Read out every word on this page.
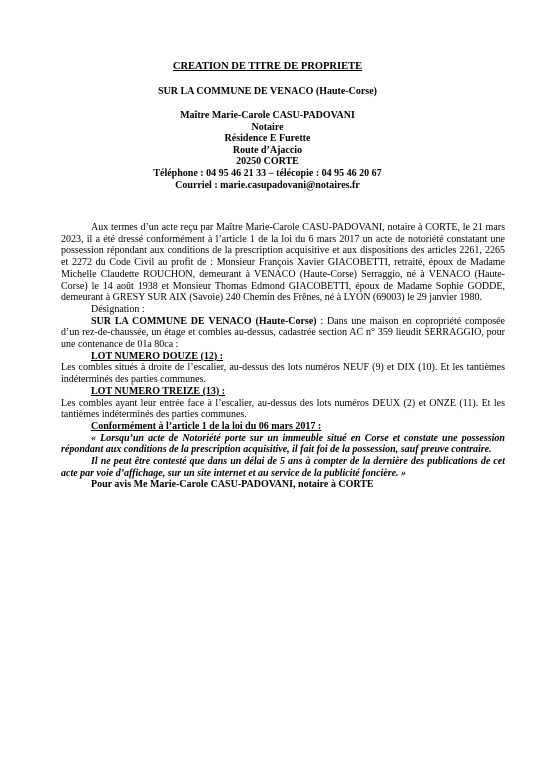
CREATION DE TITRE DE PROPRIETE
SUR LA COMMUNE DE VENACO (Haute-Corse)
Maître Marie-Carole CASU-PADOVANI
Notaire
Résidence E Furette
Route d’Ajaccio
20250 CORTE
Téléphone : 04 95 46 21 33 – télécopie : 04 95 46 20 67
Courriel : marie.casupadovani@notaires.fr

Aux termes d’un acte reçu par Maître Marie-Carole CASU-PADOVANI, notaire à CORTE, le 21 mars 2023, il a été dressé conformément à l’article 1 de la loi du 6 mars 2017 un acte de notoriété constatant une possession répondant aux conditions de la prescription acquisitive et aux dispositions des articles 2261, 2265 et 2272 du Code Civil au profit de : Monsieur François Xavier GIACOBETTI, retraité, époux de Madame Michelle Claudette ROUCHON, demeurant à VENACO (Haute-Corse) Serraggio, né à VENACO (Haute-Corse) le 14 août 1938 et Monsieur Thomas Edmond GIACOBETTI, époux de Madame Sophie GODDE, demeurant à GRESY SUR AIX (Savoie) 240 Chemin des Frênes, né à LYON (69003) le 29 janvier 1980.

Désignation :

SUR LA COMMUNE DE VENACO (Haute-Corse) : Dans une maison en copropriété composée d’un rez-de-chaussée, un étage et combles au-dessus, cadastrée section AC n° 359 lieudit SERRAGGIO, pour une contenance de 01a 80ca :

LOT NUMERO DOUZE (12) :

Les combles situés à droite de l’escalier, au-dessus des lots numéros NEUF (9) et DIX (10). Et les tantièmes indéterminés des parties communes.

LOT NUMERO TREIZE (13) :

Les combles ayant leur entrée face à l’escalier, au-dessus des lots numéros DEUX (2) et ONZE (11). Et les tantièmes indéterminés des parties communes.

Conformément à l’article 1 de la loi du 06 mars 2017 :

« Lorsqu’un acte de Notoriété porte sur un immeuble situé en Corse et constate une possession répondant aux conditions de la prescription acquisitive, il fait foi de la possession, sauf preuve contraire.

Il ne peut être contesté que dans un délai de 5 ans à compter de la dernière des publications de cet acte par voie d’affichage, sur un site internet et au service de la publicité foncière. »

Pour avis Me Marie-Carole CASU-PADOVANI, notaire à CORTE
